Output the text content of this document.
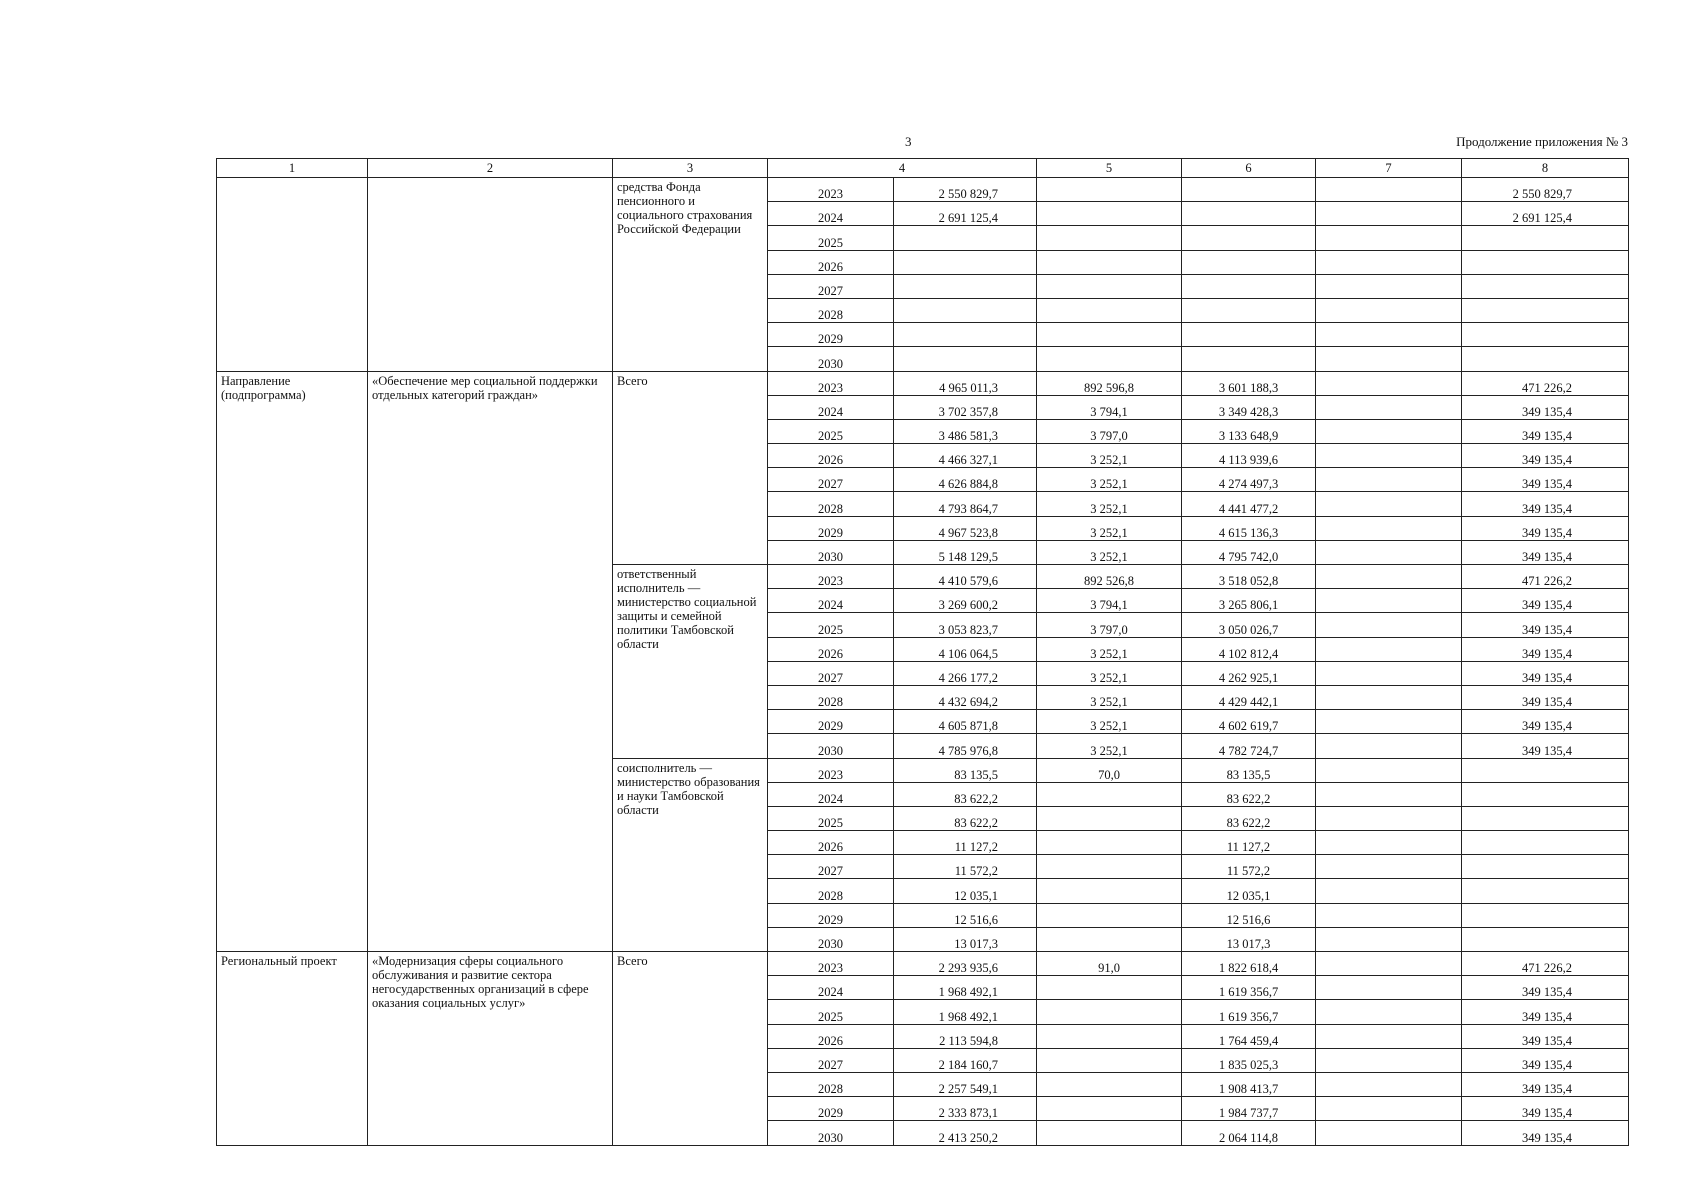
3	Продолжение приложения № 3
1	2	3	4		5	6	7	8
		средства Фонда пенсионного и социального страхования Российской Федерации	2023	2 550 829,7				2 550 829,7
			2024	2 691 125,4				2 691 125,4
			2025					
			2026					
			2027					
			2028					
			2029					
			2030					
Направление (подпрограмма)	«Обеспечение мер социальной поддержки отдельных категорий граждан»	Всего	2023	4 965 011,3	892 596,8	3 601 188,3		471 226,2
			2024	3 702 357,8	3 794,1	3 349 428,3		349 135,4
			2025	3 486 581,3	3 797,0	3 133 648,9		349 135,4
			2026	4 466 327,1	3 252,1	4 113 939,6		349 135,4
			2027	4 626 884,8	3 252,1	4 274 497,3		349 135,4
			2028	4 793 864,7	3 252,1	4 441 477,2		349 135,4
			2029	4 967 523,8	3 252,1	4 615 136,3		349 135,4
			2030	5 148 129,5	3 252,1	4 795 742,0		349 135,4
		ответственный исполнитель — министерство социальной защиты и семейной политики Тамбовской области	2023	4 410 579,6	892 526,8	3 518 052,8		471 226,2
			2024	3 269 600,2	3 794,1	3 265 806,1		349 135,4
			2025	3 053 823,7	3 797,0	3 050 026,7		349 135,4
			2026	4 106 064,5	3 252,1	4 102 812,4		349 135,4
			2027	4 266 177,2	3 252,1	4 262 925,1		349 135,4
			2028	4 432 694,2	3 252,1	4 429 442,1		349 135,4
			2029	4 605 871,8	3 252,1	4 602 619,7		349 135,4
			2030	4 785 976,8	3 252,1	4 782 724,7		349 135,4
		соисполнитель — министерство образования и науки Тамбовской области	2023	83 135,5	70,0	83 135,5		
			2024	83 622,2		83 622,2		
			2025	83 622,2		83 622,2		
			2026	11 127,2		11 127,2		
			2027	11 572,2		11 572,2		
			2028	12 035,1		12 035,1		
			2029	12 516,6		12 516,6		
			2030	13 017,3		13 017,3		
Региональный проект	«Модернизация сферы социального обслуживания и развитие сектора негосударственных организаций в сфере оказания социальных услуг»	Всего	2023	2 293 935,6	91,0	1 822 618,4		471 226,2
			2024	1 968 492,1		1 619 356,7		349 135,4
			2025	1 968 492,1		1 619 356,7		349 135,4
			2026	2 113 594,8		1 764 459,4		349 135,4
			2027	2 184 160,7		1 835 025,3		349 135,4
			2028	2 257 549,1		1 908 413,7		349 135,4
			2029	2 333 873,1		1 984 737,7		349 135,4
			2030	2 413 250,2		2 064 114,8		349 135,4
